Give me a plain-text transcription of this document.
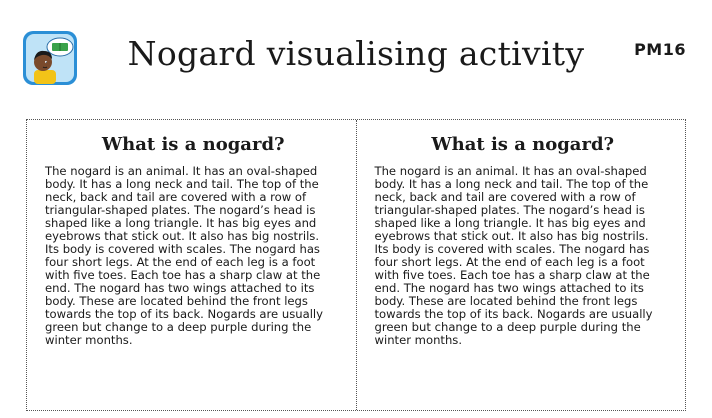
Nogard visualising activity	PM16
What is a nogard?

The nogard is an animal. It has an oval-shaped body. It has a long neck and tail. The top of the neck, back and tail are covered with a row of triangular-shaped plates. The nogard’s head is shaped like a long triangle. It has big eyes and eyebrows that stick out. It also has big nostrils. Its body is covered with scales. The nogard has four short legs. At the end of each leg is a foot with five toes. Each toe has a sharp claw at the end. The nogard has two wings attached to its body. These are located behind the front legs towards the top of its back. Nogards are usually green but change to a deep purple during the winter months.

What is a nogard?

The nogard is an animal. It has an oval-shaped body. It has a long neck and tail. The top of the neck, back and tail are covered with a row of triangular-shaped plates. The nogard’s head is shaped like a long triangle. It has big eyes and eyebrows that stick out. It also has big nostrils. Its body is covered with scales. The nogard has four short legs. At the end of each leg is a foot with five toes. Each toe has a sharp claw at the end. The nogard has two wings attached to its body. These are located behind the front legs towards the top of its back. Nogards are usually green but change to a deep purple during the winter months.
